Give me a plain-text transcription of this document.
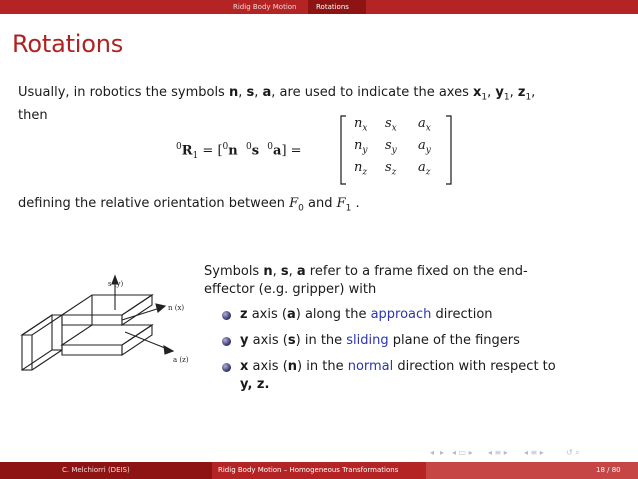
Ridig Body Motion	Rotations
Rotations
Usually, in robotics the symbols n, s, a, are used to indicate the axes $x_1$, $y_1$, $z_1$,
then
$^0R_1 = [^0n$ $^0$s $^0$a] =
$n_x$ $s_x$ $a_x$
$n_y$ $s_y$ $a_y$
$n_z$ $s_z$ $a_z$
defining the relative orientation between $F_0$ and $F_1$ .
s (y)
n (x)
a (z)
Symbols n, s, a refer to a frame fixed on the end-
effector (e.g. gripper) with
z axis (a) along the approach direction
y axis (s) in the sliding plane of the fingers
x axis (n) in the normal direction with respect to
y, z.
◂ ▸ ◂ ▭ ▸ ◂ ≡ ▸ ◂ ≡ ▸	↺ ⌕
C. Melchiorri (DEIS)	Ridig Body Motion – Homogeneous Transformations	18 / 80
